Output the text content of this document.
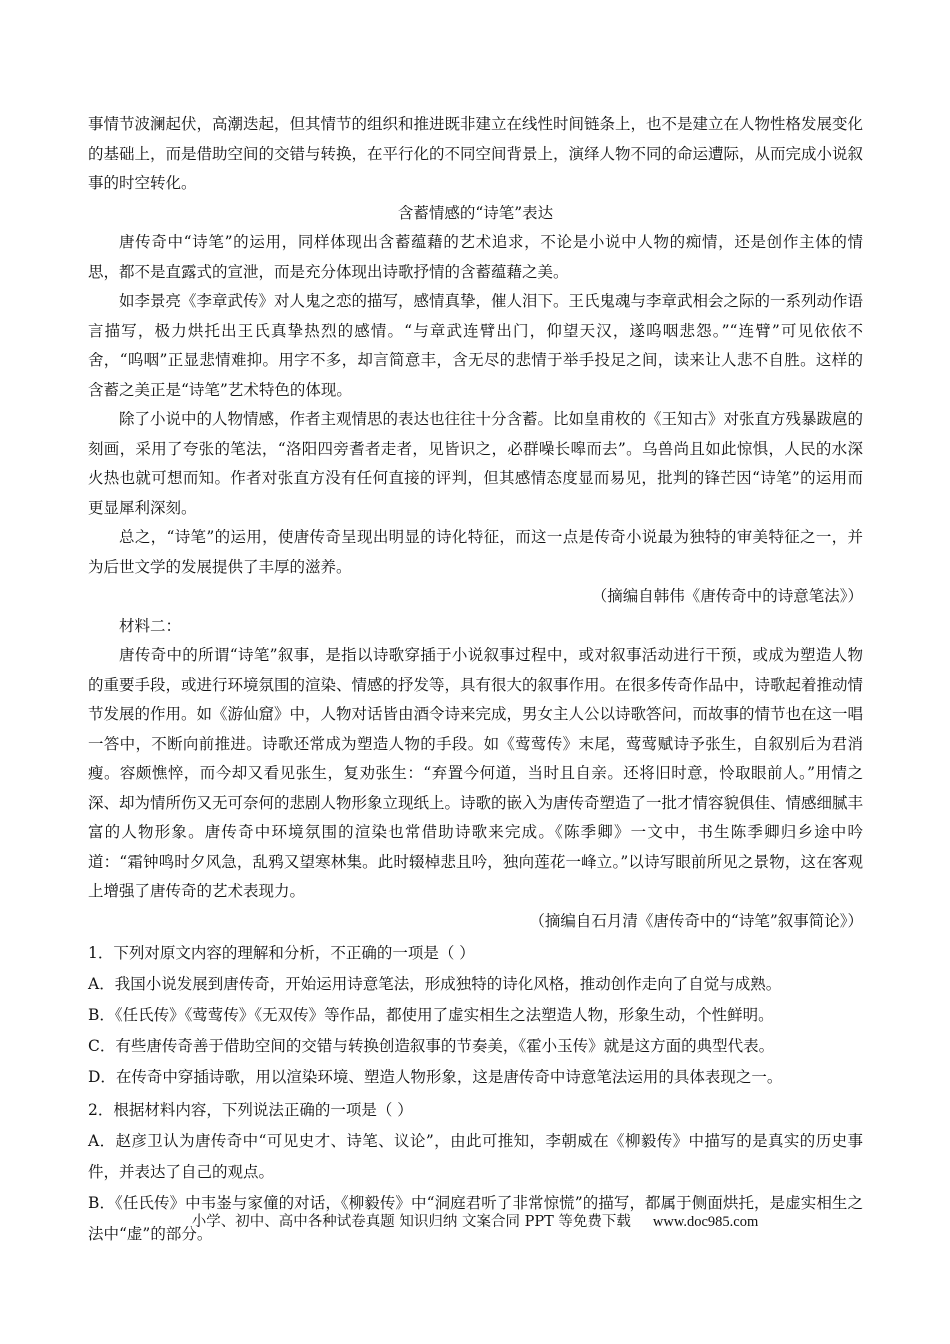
事情节波澜起伏，高潮迭起，但其情节的组织和推进既非建立在线性时间链条上，也不是建立在人物性格发展变化的基础上，而是借助空间的交错与转换，在平行化的不同空间背景上，演绎人物不同的命运遭际，从而完成小说叙事的时空转化。

含蓄情感的“诗笔”表达

唐传奇中“诗笔”的运用，同样体现出含蓄蕴藉的艺术追求，不论是小说中人物的痴情，还是创作主体的情思，都不是直露式的宣泄，而是充分体现出诗歌抒情的含蓄蕴藉之美。

如李景亮《李章武传》对人鬼之恋的描写，感情真挚，催人泪下。王氏鬼魂与李章武相会之际的一系列动作语言描写，极力烘托出王氏真挚热烈的感情。“与章武连臂出门，仰望天汉，遂呜咽悲怨。”“连臂”可见依依不舍，“呜咽”正显悲情难抑。用字不多，却言简意丰，含无尽的悲情于举手投足之间，读来让人悲不自胜。这样的含蓄之美正是“诗笔”艺术特色的体现。

除了小说中的人物情感，作者主观情思的表达也往往十分含蓄。比如皇甫枚的《王知古》对张直方残暴跋扈的刻画，采用了夸张的笔法，“洛阳四旁耆者走者，见皆识之，必群噪长嗥而去”。乌兽尚且如此惊惧，人民的水深火热也就可想而知。作者对张直方没有任何直接的评判，但其感情态度显而易见，批判的锋芒因“诗笔”的运用而更显犀利深刻。

总之，“诗笔”的运用，使唐传奇呈现出明显的诗化特征，而这一点是传奇小说最为独特的审美特征之一，并为后世文学的发展提供了丰厚的滋养。

（摘编自韩伟《唐传奇中的诗意笔法》）

材料二：

唐传奇中的所谓“诗笔”叙事，是指以诗歌穿插于小说叙事过程中，或对叙事活动进行干预，或成为塑造人物的重要手段，或进行环境氛围的渲染、情感的抒发等，具有很大的叙事作用。在很多传奇作品中，诗歌起着推动情节发展的作用。如《游仙窟》中，人物对话皆由酒令诗来完成，男女主人公以诗歌答问，而故事的情节也在这一唱一答中，不断向前推进。诗歌还常成为塑造人物的手段。如《莺莺传》末尾，莺莺赋诗予张生，自叙别后为君消瘦。容颇憔悴，而今却又看见张生，复劝张生：“弃置今何道，当时且自亲。还将旧时意，怜取眼前人。”用情之深、却为情所伤又无可奈何的悲剧人物形象立现纸上。诗歌的嵌入为唐传奇塑造了一批才情容貌俱佳、情感细腻丰富的人物形象。唐传奇中环境氛围的渲染也常借助诗歌来完成。《陈季卿》一文中，书生陈季卿归乡途中吟道：“霜钟鸣时夕风急，乱鸦又望寒林集。此时辍棹悲且吟，独向莲花一峰立。”以诗写眼前所见之景物，这在客观上增强了唐传奇的艺术表现力。

（摘编自石月清《唐传奇中的“诗笔”叙事简论》）

1．下列对原文内容的理解和分析，不正确的一项是（ ）

A．我国小说发展到唐传奇，开始运用诗意笔法，形成独特的诗化风格，推动创作走向了自觉与成熟。

B．《任氏传》《莺莺传》《无双传》等作品，都使用了虚实相生之法塑造人物，形象生动，个性鲜明。

C．有些唐传奇善于借助空间的交错与转换创造叙事的节奏美，《霍小玉传》就是这方面的典型代表。

D．在传奇中穿插诗歌，用以渲染环境、塑造人物形象，这是唐传奇中诗意笔法运用的具体表现之一。

2．根据材料内容，下列说法正确的一项是（ ）

A．赵彦卫认为唐传奇中“可见史才、诗笔、议论”，由此可推知，李朝威在《柳毅传》中描写的是真实的历史事件，并表达了自己的观点。

B．《任氏传》中韦崟与家僮的对话，《柳毅传》中“洞庭君听了非常惊慌”的描写，都属于侧面烘托，是虚实相生之法中“虚”的部分。

小学、初中、高中各种试卷真题 知识归纳 文案合同 PPT 等免费下载 www.doc985.com
